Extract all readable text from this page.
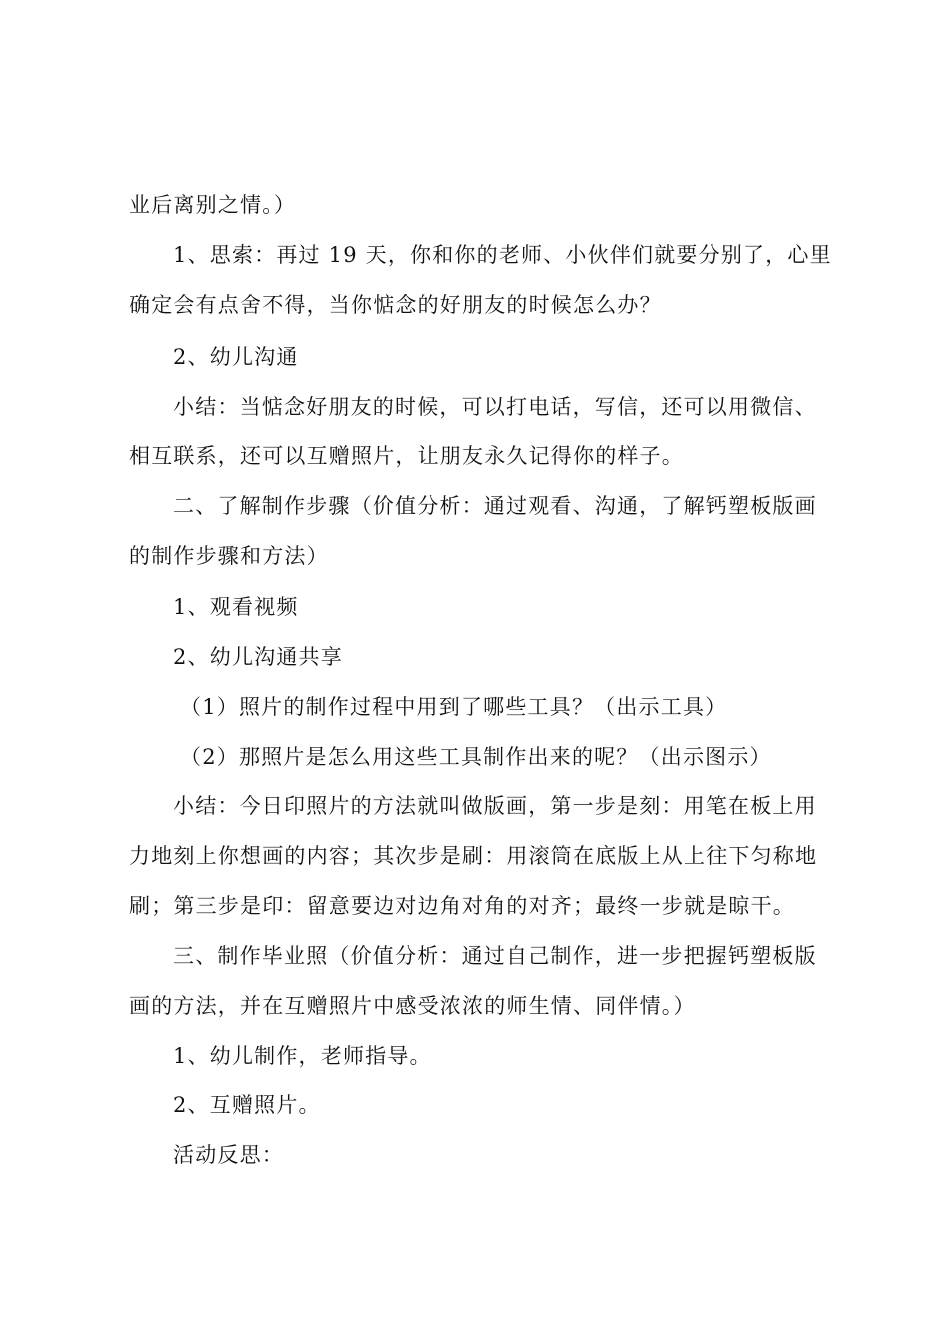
业后离别之情。）
1、思索：再过 19 天，你和你的老师、小伙伴们就要分别了，心里
确定会有点舍不得，当你惦念的好朋友的时候怎么办？
2、幼儿沟通
小结：当惦念好朋友的时候，可以打电话，写信，还可以用微信、
相互联系，还可以互赠照片，让朋友永久记得你的样子。
二、了解制作步骤（价值分析：通过观看、沟通，了解钙塑板版画
的制作步骤和方法）
1、观看视频
2、幼儿沟通共享
（1）照片的制作过程中用到了哪些工具？（出示工具）
（2）那照片是怎么用这些工具制作出来的呢？（出示图示）
小结：今日印照片的方法就叫做版画，第一步是刻：用笔在板上用
力地刻上你想画的内容；其次步是刷：用滚筒在底版上从上往下匀称地
刷；第三步是印：留意要边对边角对角的对齐；最终一步就是晾干。
三、制作毕业照（价值分析：通过自己制作，进一步把握钙塑板版
画的方法，并在互赠照片中感受浓浓的师生情、同伴情。）
1、幼儿制作，老师指导。
2、互赠照片。
活动反思：
